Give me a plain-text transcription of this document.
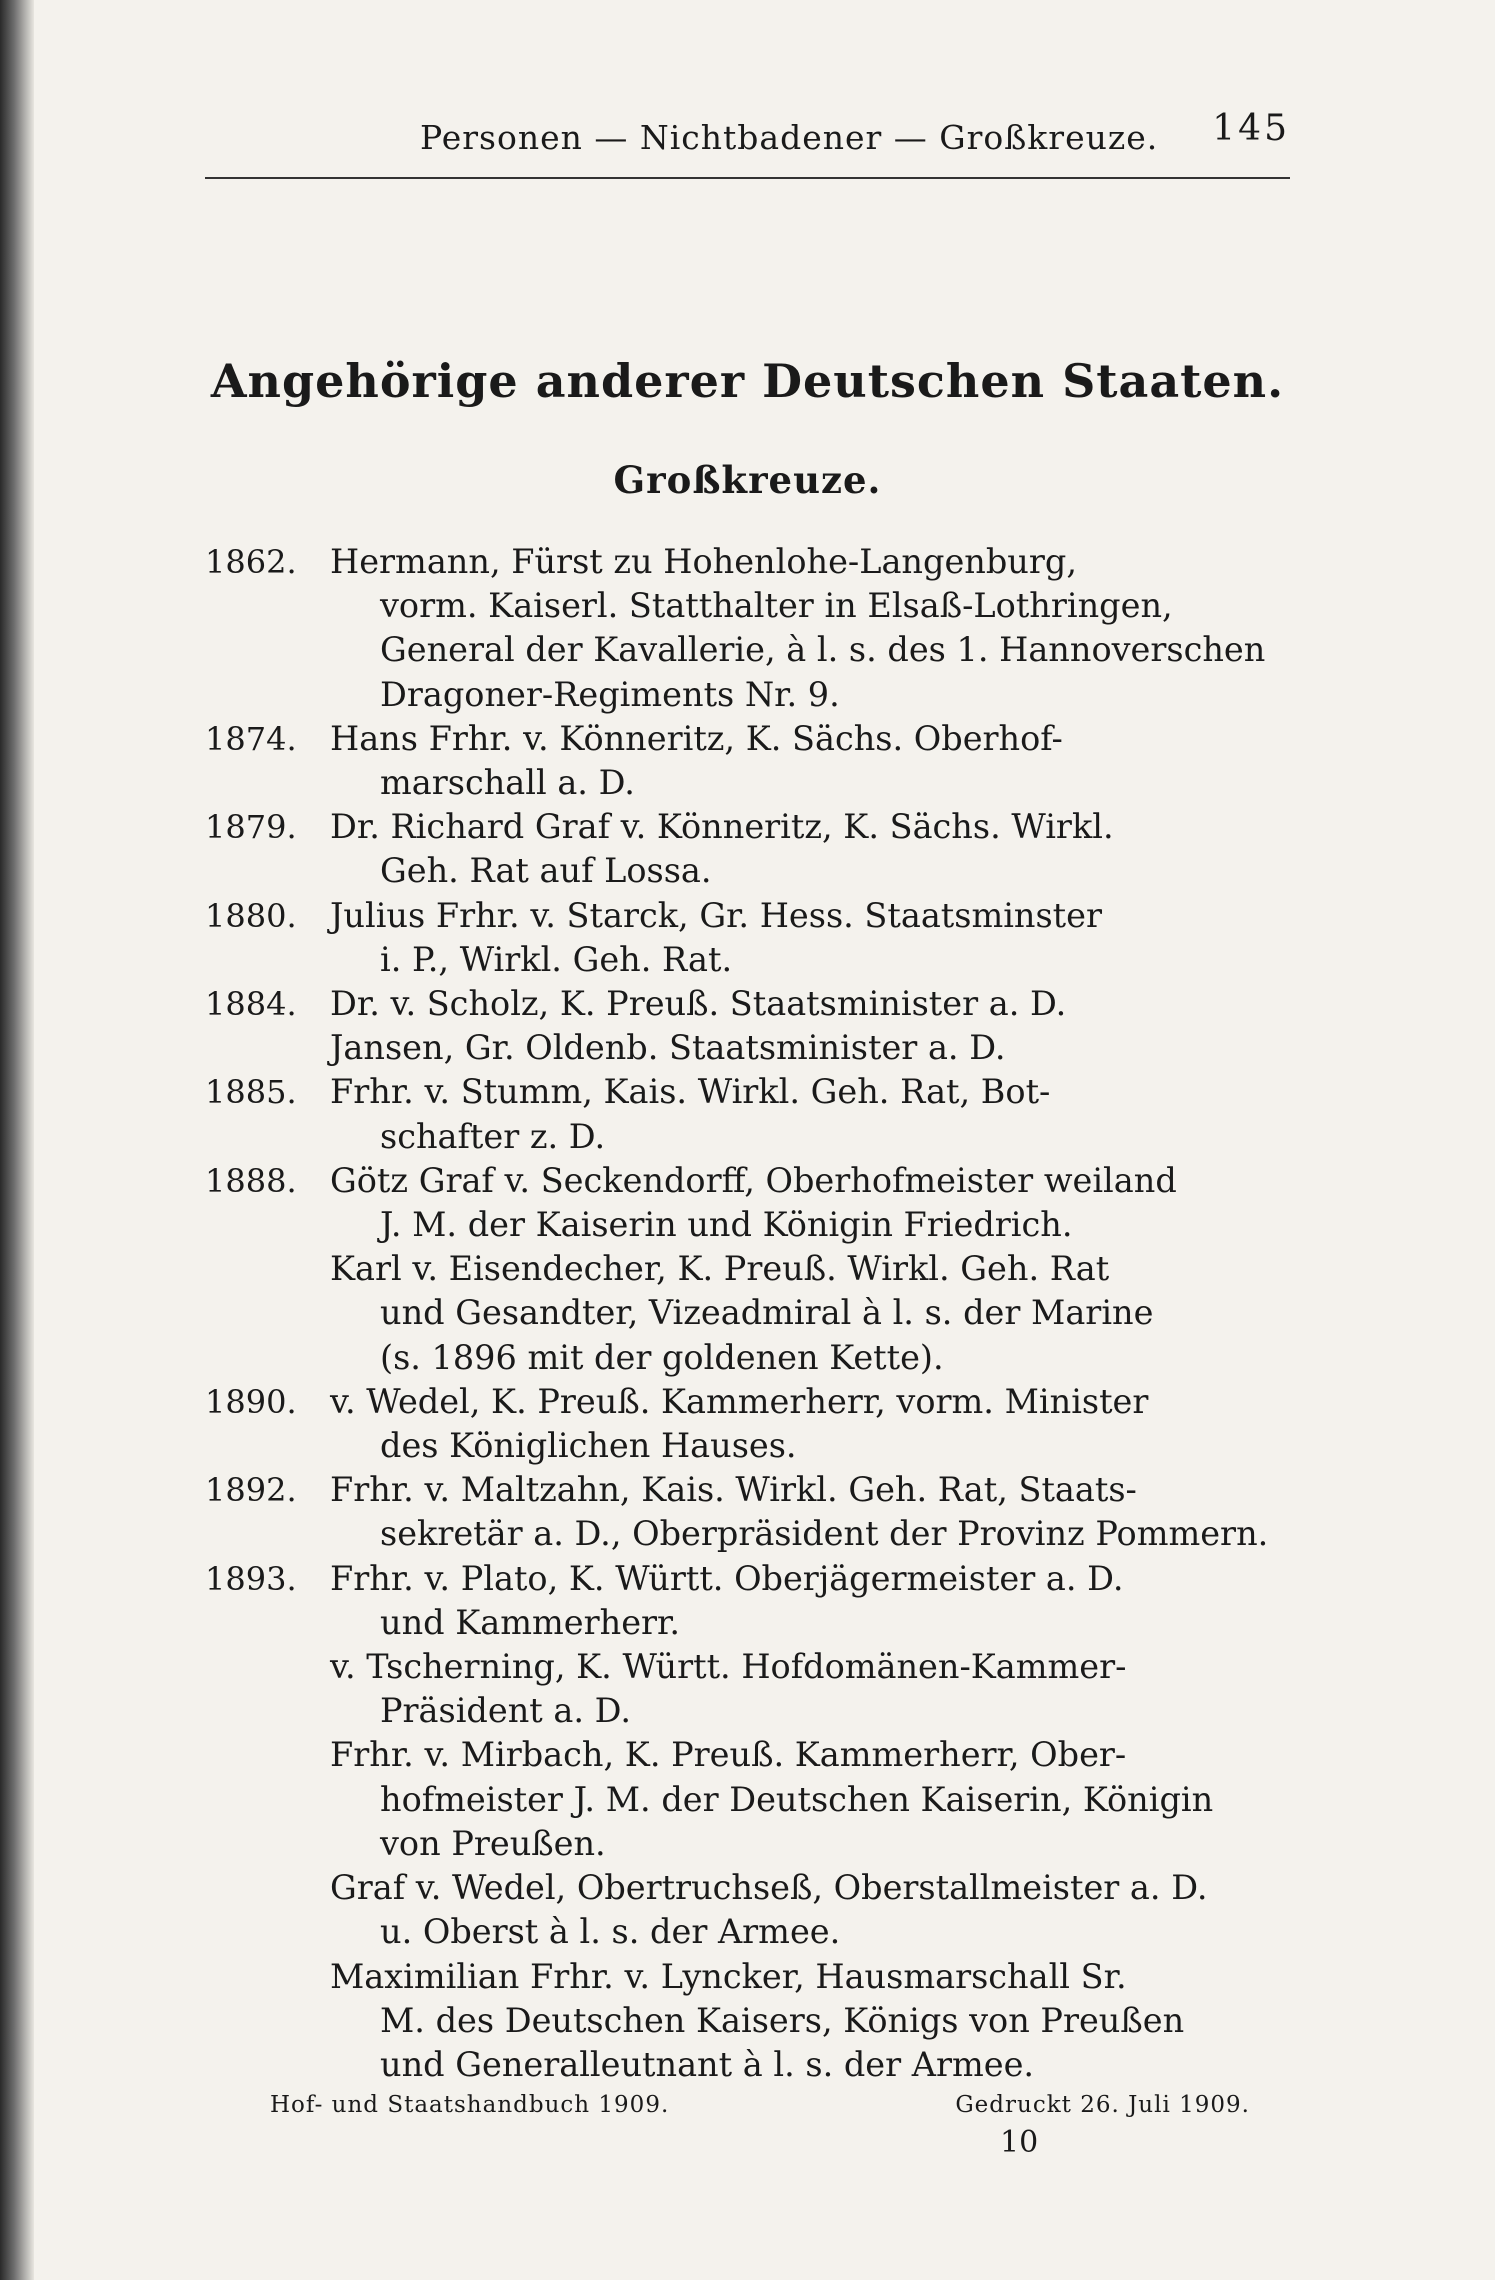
Personen — Nichtbadener — Großkreuze. 145
Angehörige anderer Deutschen Staaten.
Großkreuze.
1862. Hermann, Fürst zu Hohenlohe-Langenburg,
vorm. Kaiserl. Statthalter in Elsaß-Lothringen,
General der Kavallerie, à l. s. des 1. Hannoverschen
Dragoner-Regiments Nr. 9.
1874. Hans Frhr. v. Könneritz, K. Sächs. Oberhof-
marschall a. D.
1879. Dr. Richard Graf v. Könneritz, K. Sächs. Wirkl.
Geh. Rat auf Lossa.
1880. Julius Frhr. v. Starck, Gr. Hess. Staatsminster
i. P., Wirkl. Geh. Rat.
1884. Dr. v. Scholz, K. Preuß. Staatsminister a. D.
Jansen, Gr. Oldenb. Staatsminister a. D.
1885. Frhr. v. Stumm, Kais. Wirkl. Geh. Rat, Bot-
schafter z. D.
1888. Götz Graf v. Seckendorff, Oberhofmeister weiland
J. M. der Kaiserin und Königin Friedrich.
Karl v. Eisendecher, K. Preuß. Wirkl. Geh. Rat
und Gesandter, Vizeadmiral à l. s. der Marine
(s. 1896 mit der goldenen Kette).
1890. v. Wedel, K. Preuß. Kammerherr, vorm. Minister
des Königlichen Hauses.
1892. Frhr. v. Maltzahn, Kais. Wirkl. Geh. Rat, Staats-
sekretär a. D., Oberpräsident der Provinz Pommern.
1893. Frhr. v. Plato, K. Württ. Oberjägermeister a. D.
und Kammerherr.
v. Tscherning, K. Württ. Hofdomänen-Kammer-
Präsident a. D.
Frhr. v. Mirbach, K. Preuß. Kammerherr, Ober-
hofmeister J. M. der Deutschen Kaiserin, Königin
von Preußen.
Graf v. Wedel, Obertruchseß, Oberstallmeister a. D.
u. Oberst à l. s. der Armee.
Maximilian Frhr. v. Lyncker, Hausmarschall Sr.
M. des Deutschen Kaisers, Königs von Preußen
und Generalleutnant à l. s. der Armee.
Hof- und Staatshandbuch 1909.	Gedruckt 26. Juli 1909.
10
